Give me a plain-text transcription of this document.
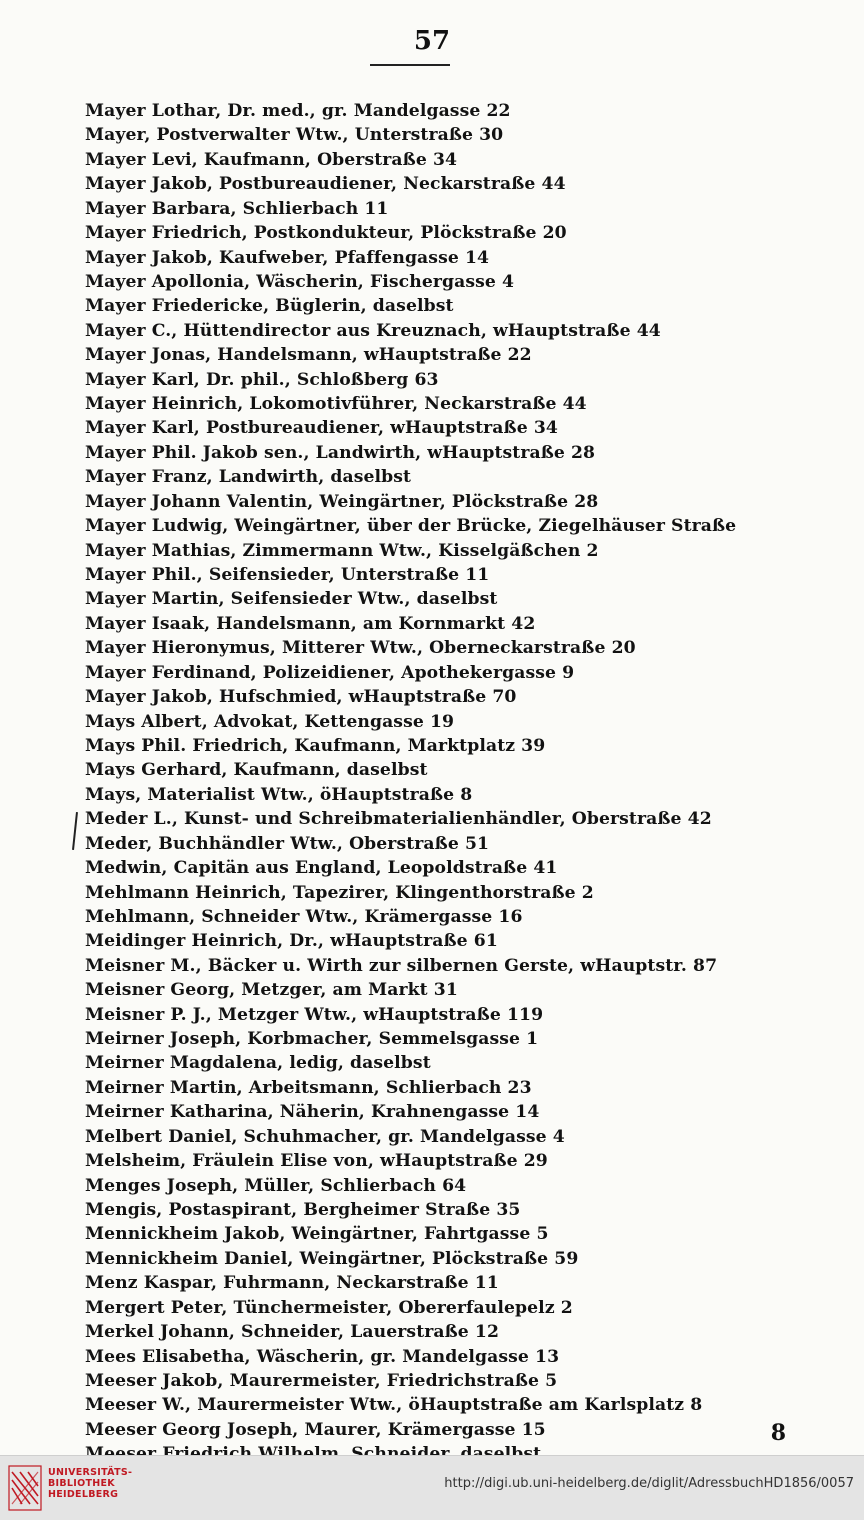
57
Mayer Lothar, Dr. med., gr. Mandelgasse 22
Mayer, Postverwalter Wtw., Unterstraße 30
Mayer Levi, Kaufmann, Oberstraße 34
Mayer Jakob, Postbureaudiener, Neckarstraße 44
Mayer Barbara, Schlierbach 11
Mayer Friedrich, Postkondukteur, Plöckstraße 20
Mayer Jakob, Kaufweber, Pfaffengasse 14
Mayer Apollonia, Wäscherin, Fischergasse 4
Mayer Friedericke, Büglerin, daselbst
Mayer C., Hüttendirector aus Kreuznach, wHauptstraße 44
Mayer Jonas, Handelsmann, wHauptstraße 22
Mayer Karl, Dr. phil., Schloßberg 63
Mayer Heinrich, Lokomotivführer, Neckarstraße 44
Mayer Karl, Postbureaudiener, wHauptstraße 34
Mayer Phil. Jakob sen., Landwirth, wHauptstraße 28
Mayer Franz, Landwirth, daselbst
Mayer Johann Valentin, Weingärtner, Plöckstraße 28
Mayer Ludwig, Weingärtner, über der Brücke, Ziegelhäuser Straße
Mayer Mathias, Zimmermann Wtw., Kisselgäßchen 2
Mayer Phil., Seifensieder, Unterstraße 11
Mayer Martin, Seifensieder Wtw., daselbst
Mayer Isaak, Handelsmann, am Kornmarkt 42
Mayer Hieronymus, Mitterer Wtw., Oberneckarstraße 20
Mayer Ferdinand, Polizeidiener, Apothekergasse 9
Mayer Jakob, Hufschmied, wHauptstraße 70
Mays Albert, Advokat, Kettengasse 19
Mays Phil. Friedrich, Kaufmann, Marktplatz 39
Mays Gerhard, Kaufmann, daselbst
Mays, Materialist Wtw., öHauptstraße 8
Meder L., Kunst- und Schreibmaterialienhändler, Oberstraße 42
Meder, Buchhändler Wtw., Oberstraße 51
Medwin, Capitän aus England, Leopoldstraße 41
Mehlmann Heinrich, Tapezirer, Klingenthorstraße 2
Mehlmann, Schneider Wtw., Krämergasse 16
Meidinger Heinrich, Dr., wHauptstraße 61
Meisner M., Bäcker u. Wirth zur silbernen Gerste, wHauptstr. 87
Meisner Georg, Metzger, am Markt 31
Meisner P. J., Metzger Wtw., wHauptstraße 119
Meirner Joseph, Korbmacher, Semmelsgasse 1
Meirner Magdalena, ledig, daselbst
Meirner Martin, Arbeitsmann, Schlierbach 23
Meirner Katharina, Näherin, Krahnengasse 14
Melbert Daniel, Schuhmacher, gr. Mandelgasse 4
Melsheim, Fräulein Elise von, wHauptstraße 29
Menges Joseph, Müller, Schlierbach 64
Mengis, Postaspirant, Bergheimer Straße 35
Mennickheim Jakob, Weingärtner, Fahrtgasse 5
Mennickheim Daniel, Weingärtner, Plöckstraße 59
Menz Kaspar, Fuhrmann, Neckarstraße 11
Mergert Peter, Tünchermeister, Obererfaulepelz 2
Merkel Johann, Schneider, Lauerstraße 12
Mees Elisabetha, Wäscherin, gr. Mandelgasse 13
Meeser Jakob, Maurermeister, Friedrichstraße 5
Meeser W., Maurermeister Wtw., öHauptstraße am Karlsplatz 8
Meeser Georg Joseph, Maurer, Krämergasse 15	8
UNIVERSITÄTS-
BIBLIOTHEK
HEIDELBERG
http://digi.ub.uni-heidelberg.de/diglit/AdressbuchHD1856/0057
